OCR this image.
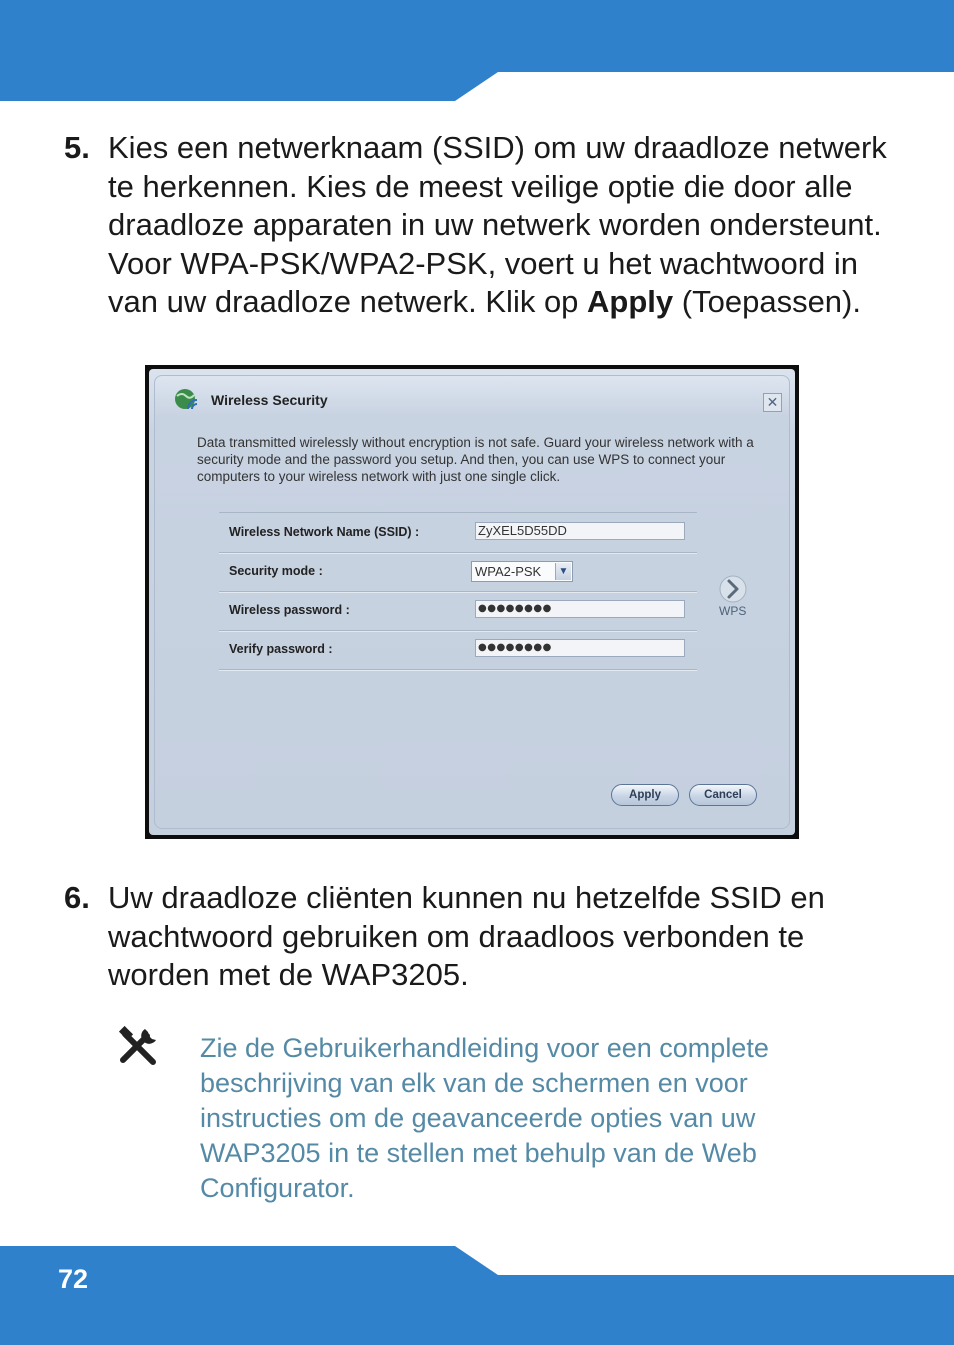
5. Kies een netwerknaam (SSID) om uw draadloze netwerk te herkennen. Kies de meest veilige optie die door alle draadloze apparaten in uw netwerk worden ondersteunt. Voor WPA-PSK/WPA2-PSK, voert u het wachtwoord in van uw draadloze netwerk. Klik op Apply (Toepassen).
Wireless Security	✕
Data transmitted wirelessly without encryption is not safe. Guard your wireless network with a security mode and the password you setup. And then, you can use WPS to connect your computers to your wireless network with just one single click.
Wireless Network Name (SSID) :	ZyXEL5D55DD
Security mode :	WPA2-PSK	▼
Wireless password :	●●●●●●●●
Verify password :	●●●●●●●●
WPS
Apply	Cancel
6. Uw draadloze cliënten kunnen nu hetzelfde SSID en wachtwoord gebruiken om draadloos verbonden te worden met de WAP3205.
Zie de Gebruikerhandleiding voor een complete beschrijving van elk van de schermen en voor instructies om de geavanceerde opties van uw WAP3205 in te stellen met behulp van de Web Configurator.
72
